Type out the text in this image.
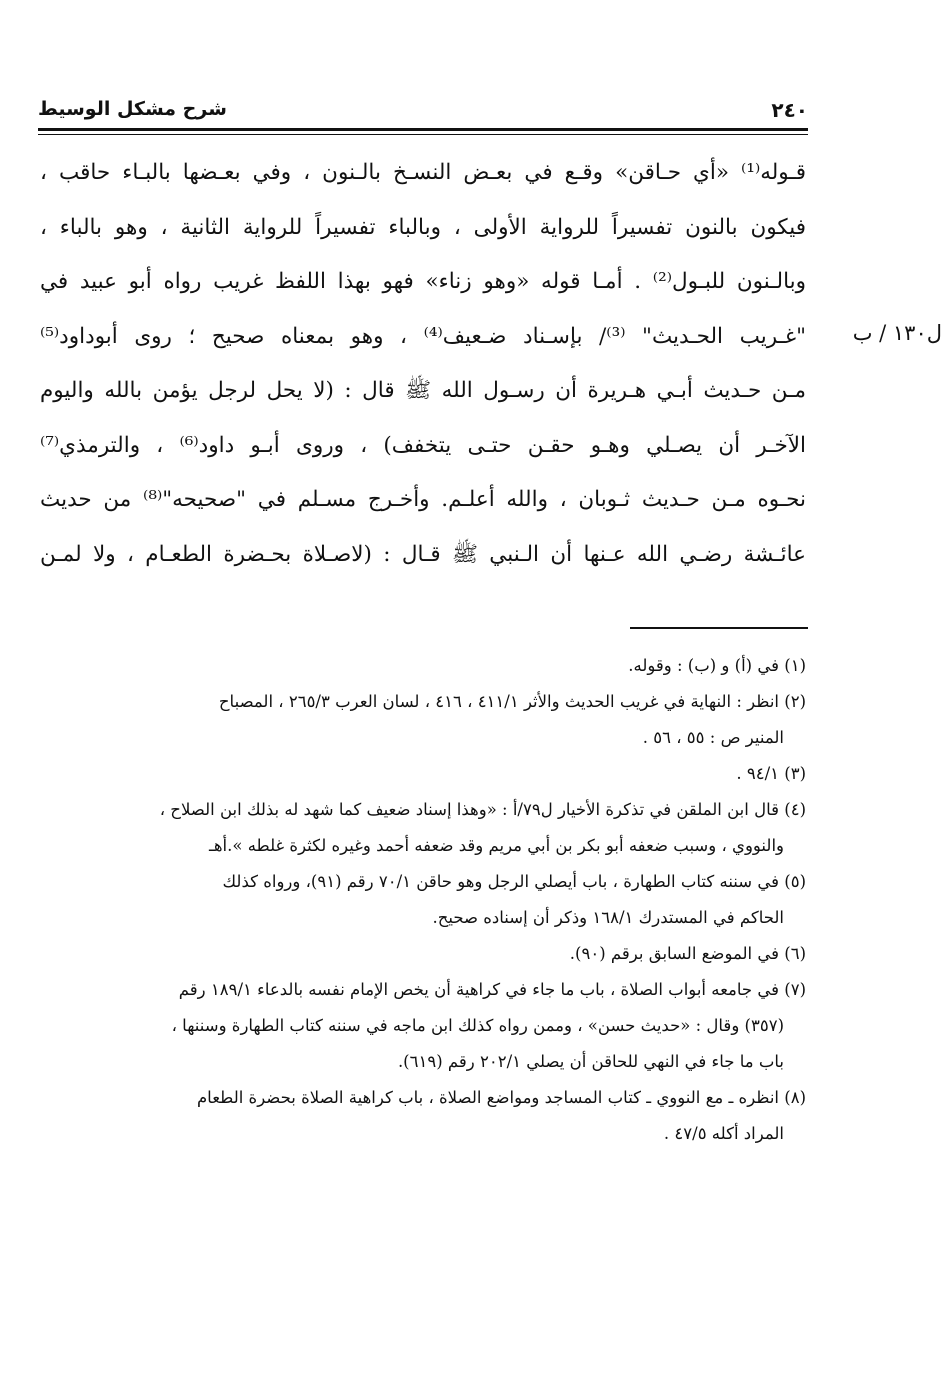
شرح مشكل الوسيط	٢٤٠
قـوله⁽¹⁾ «أي حـاقن» وقـع في بعـض النسـخ بالـنون ، وفي بعـضها بالبـاء حاقب ،
فيكون بالنون تفسيراً للرواية الأولى ، وبالباء تفسيراً للرواية الثانية ، وهو بالباء ،
وبالـنون للبـول⁽²⁾ . أمـا قوله «وهو زناء» فهو بهذا اللفظ غريب رواه أبو عبيد في
"غـريب الحـديث" ⁽³⁾/ بإسـناد ضـعيف⁽⁴⁾ ، وهو بمعناه صحيح ؛ روى أبوداود⁽⁵⁾
مـن حـديث أبـي هـريرة أن رسـول الله ﷺ قال : (لا يحل لرجل يؤمن بالله واليوم
الآخـر أن يصـلي وهـو حقـن حتـى يتخفف) ، وروى أبـو داود⁽⁶⁾ ، والترمذي⁽⁷⁾
نحـوه مـن حـديث ثـوبان ، والله أعلـم. وأخـرج مسـلم في "صحيحه"⁽⁸⁾ من حديث
عائـشة رضـي الله عـنها أن الـنبي ﷺ قـال : (لاصـلاة بحـضرة الطعـام ، ولا لمـن
ل١٣٠ / ب
(١) في (أ) و (ب) : وقوله.
(٢) انظر : النهاية في غريب الحديث والأثر ٤١١/١ ، ٤١٦ ، لسان العرب ٢٦٥/٣ ، المصباح
المنير ص : ٥٥ ، ٥٦ .
(٣) ٩٤/١ .
(٤) قال ابن الملقن في تذكرة الأخيار ل٧٩/أ : «وهذا إسناد ضعيف كما شهد له بذلك ابن الصلاح ،
والنووي ، وسبب ضعفه أبو بكر بن أبي مريم وقد ضعفه أحمد وغيره لكثرة غلطه ».أهـ
(٥) في سننه كتاب الطهارة ، باب أيصلي الرجل وهو حاقن ٧٠/١ رقم (٩١)، ورواه كذلك
الحاكم في المستدرك ١٦٨/١ وذكر أن إسناده صحيح.
(٦) في الموضع السابق برقم (٩٠).
(٧) في جامعه أبواب الصلاة ، باب ما جاء في كراهية أن يخص الإمام نفسه بالدعاء ١٨٩/١ رقم
(٣٥٧) وقال : «حديث حسن» ، وممن رواه كذلك ابن ماجه في سننه كتاب الطهارة وسننها ،
باب ما جاء في النهي للحاقن أن يصلي ٢٠٢/١ رقم (٦١٩).
(٨) انظره ـ مع النووي ـ كتاب المساجد ومواضع الصلاة ، باب كراهية الصلاة بحضرة الطعام
المراد أكله ٤٧/٥ .
